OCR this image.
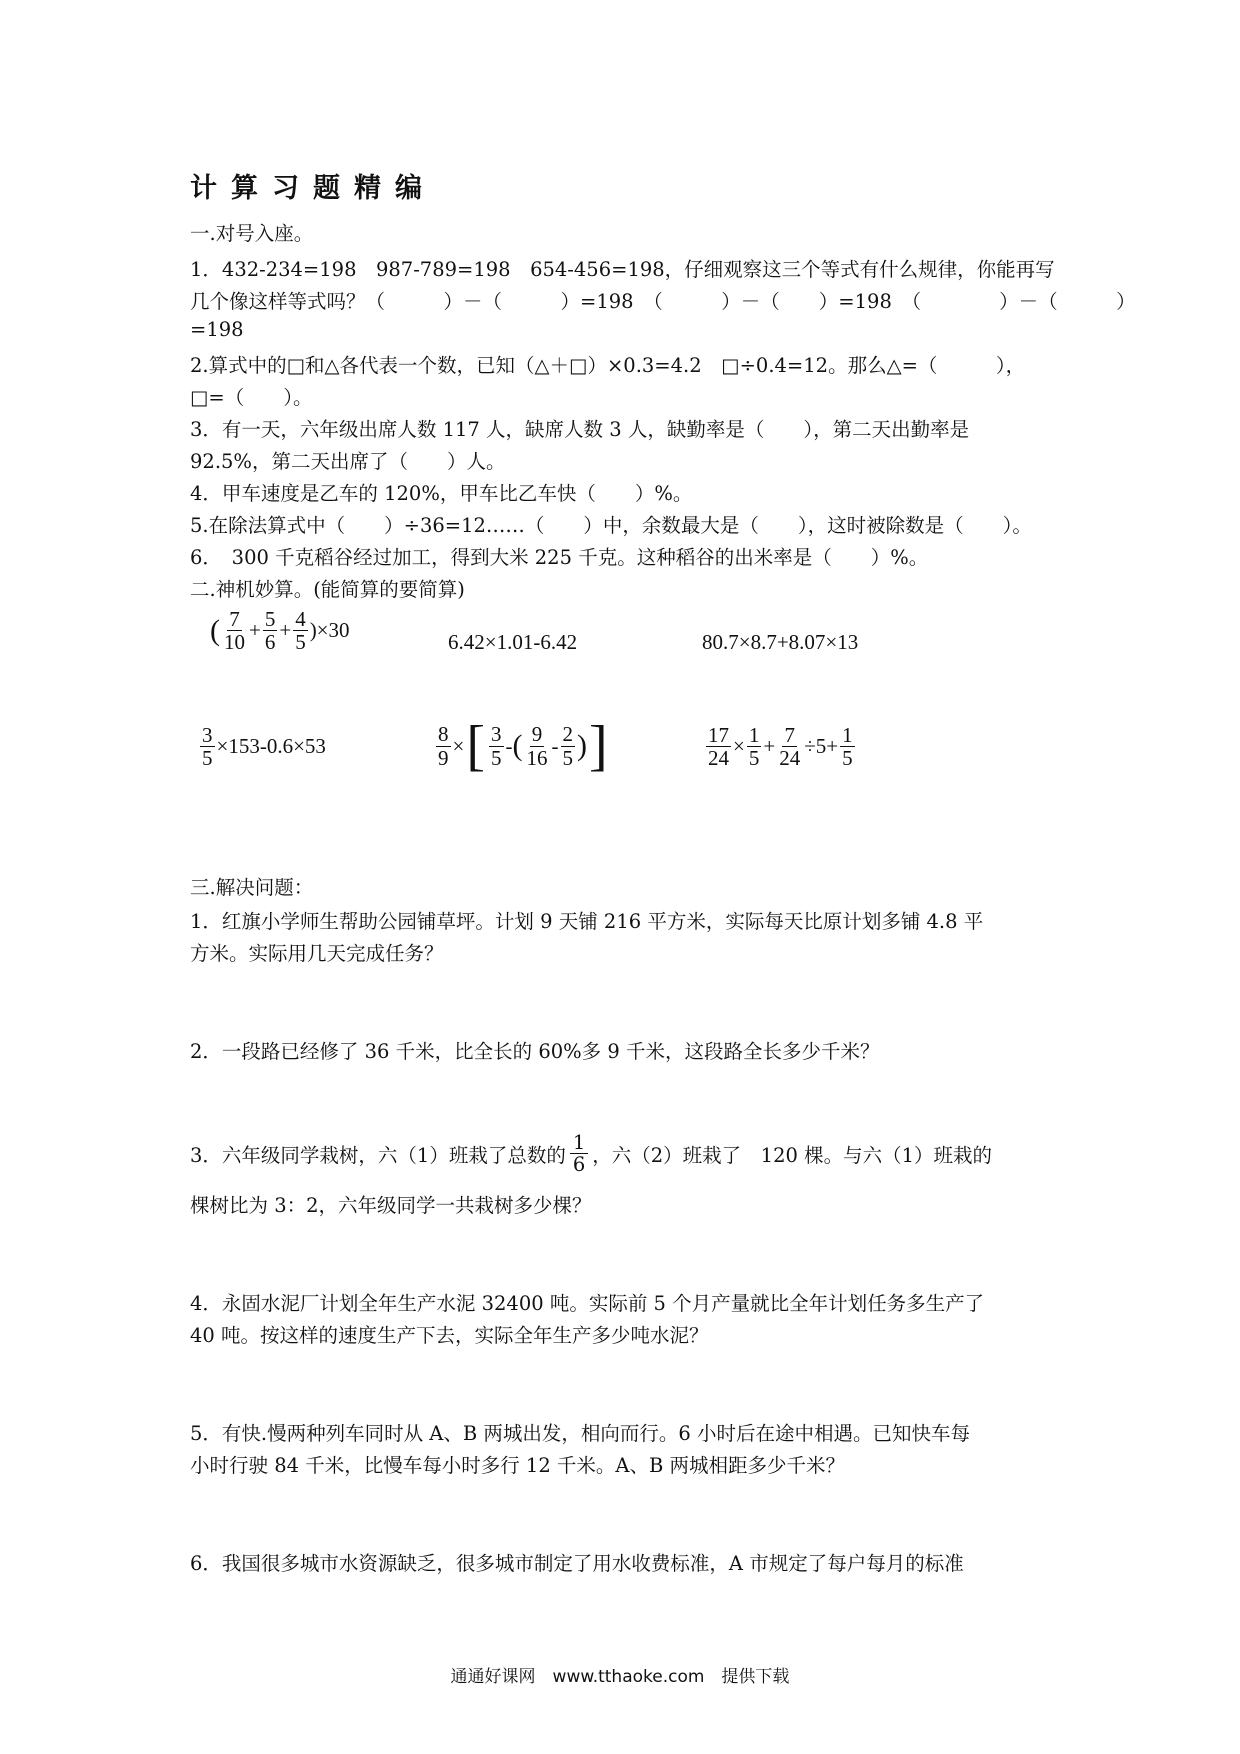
计算习题精编
一.对号入座。
1．432-234=198　987-789=198　654-456=198，仔细观察这三个等式有什么规律，你能再写
几个像这样等式吗？（　　　）－（　　　）=198　（　　　）－（　　）=198　（　　　　）－（　　　）
=198
2.算式中的□和△各代表一个数，已知（△＋□）×0.3=4.2　□÷0.4=12。那么△=（　　　），
□=（　　）。
3．有一天，六年级出席人数 117 人，缺席人数 3 人，缺勤率是（　　），第二天出勤率是
92.5%，第二天出席了（　　）人。
4．甲车速度是乙车的 120%，甲车比乙车快（　　）%。
5.在除法算式中（　　）÷36=12……（　　）中，余数最大是（　　），这时被除数是（　　）。
6．　300 千克稻谷经过加工，得到大米 225 千克。这种稻谷的出米率是（　　）%。
二.神机妙算。(能简算的要简算)
( $\frac{7}{10} + \frac{5}{6} + \frac{4}{5} )\times 30$	6.42×1.01-6.42	80.7×8.7+8.07×13
$\frac{3}{5} \times 153-0.6\times 53$	$\frac{8}{9}$ × [ $\frac{3}{5}$ - ( $\frac{9}{16} - \frac{2}{5}$ ) ]	$\frac{17}{24} \times \frac{1}{5} + \frac{7}{24} \div 5+ \frac{1}{5}$
三.解决问题：
1．红旗小学师生帮助公园铺草坪。计划 9 天铺 216 平方米，实际每天比原计划多铺 4.8 平
方米。实际用几天完成任务？
2．一段路已经修了 36 千米，比全长的 60%多 9 千米，这段路全长多少千米？
3．六年级同学栽树，六（1）班栽了总数的 $\frac{1}{6}$ ，六（2）班栽了　120 棵。与六（1）班栽的
棵树比为 3：2，六年级同学一共栽树多少棵？
4．永固水泥厂计划全年生产水泥 32400 吨。实际前 5 个月产量就比全年计划任务多生产了
40 吨。按这样的速度生产下去，实际全年生产多少吨水泥？
5．有快.慢两种列车同时从 A、B 两城出发，相向而行。6 小时后在途中相遇。已知快车每
小时行驶 84 千米，比慢车每小时多行 12 千米。A、B 两城相距多少千米？
6．我国很多城市水资源缺乏，很多城市制定了用水收费标准，A 市规定了每户每月的标准
通通好课网　www.tthaoke.com　提供下载
